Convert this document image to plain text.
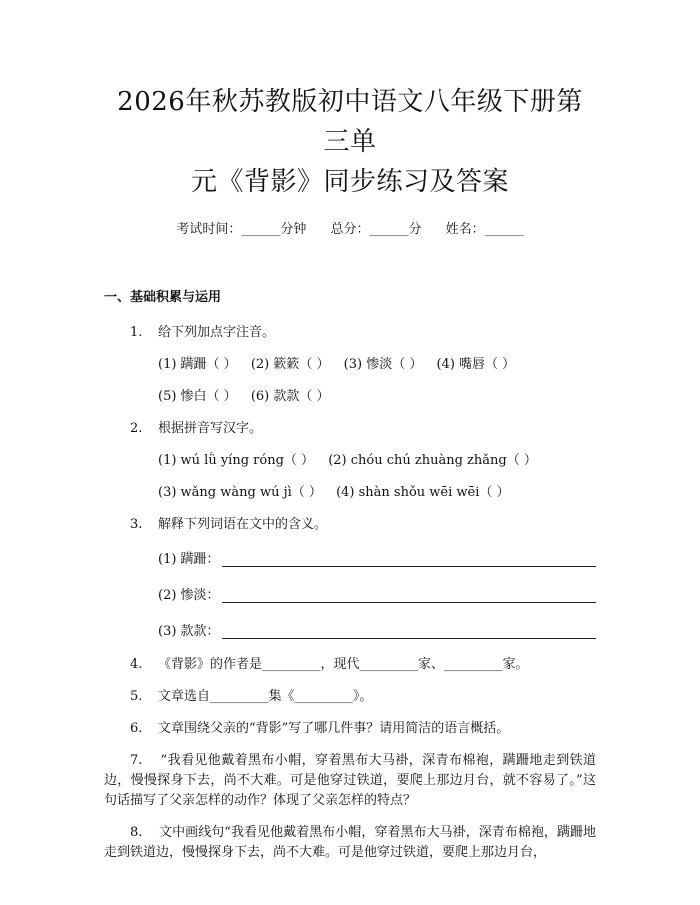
2026年秋苏教版初中语文八年级下册第三单
元《背影》同步练习及答案
考试时间：______分钟 总分：______分 姓名：______
一、基础积累与运用
1. 给下列加点字注音。
(1) 蹒跚（ ） (2) 簌簌（ ） (3) 惨淡（ ） (4) 嘴唇（ ）
(5) 惨白（ ） (6) 款款（ ）
2. 根据拼音写汉字。
(1) wú lǜ yíng róng（ ） (2) chóu chú zhuàng zhǎng（ ）
(3) wǎng wàng wú jì（ ） (4) shàn shǒu wēi wēi（ ）
3. 解释下列词语在文中的含义。
(1) 蹒跚：
(2) 惨淡：
(3) 款款：
4. 《背影》的作者是_________，现代_________家、_________家。
5. 文章选自_________集《_________》。
6. 文章围绕父亲的“背影”写了哪几件事？请用简洁的语言概括。
7. “我看见他戴着黑布小帽，穿着黑布大马褂，深青布棉袍，蹒跚地走到铁道边，慢慢探身下去，尚不大难。可是他穿过铁道，要爬上那边月台，就不容易了。”这句话描写了父亲怎样的动作？体现了父亲怎样的特点？
8. 文中画线句“我看见他戴着黑布小帽，穿着黑布大马褂，深青布棉袍，蹒跚地走到铁道边，慢慢探身下去，尚不大难。可是他穿过铁道，要爬上那边月台，
